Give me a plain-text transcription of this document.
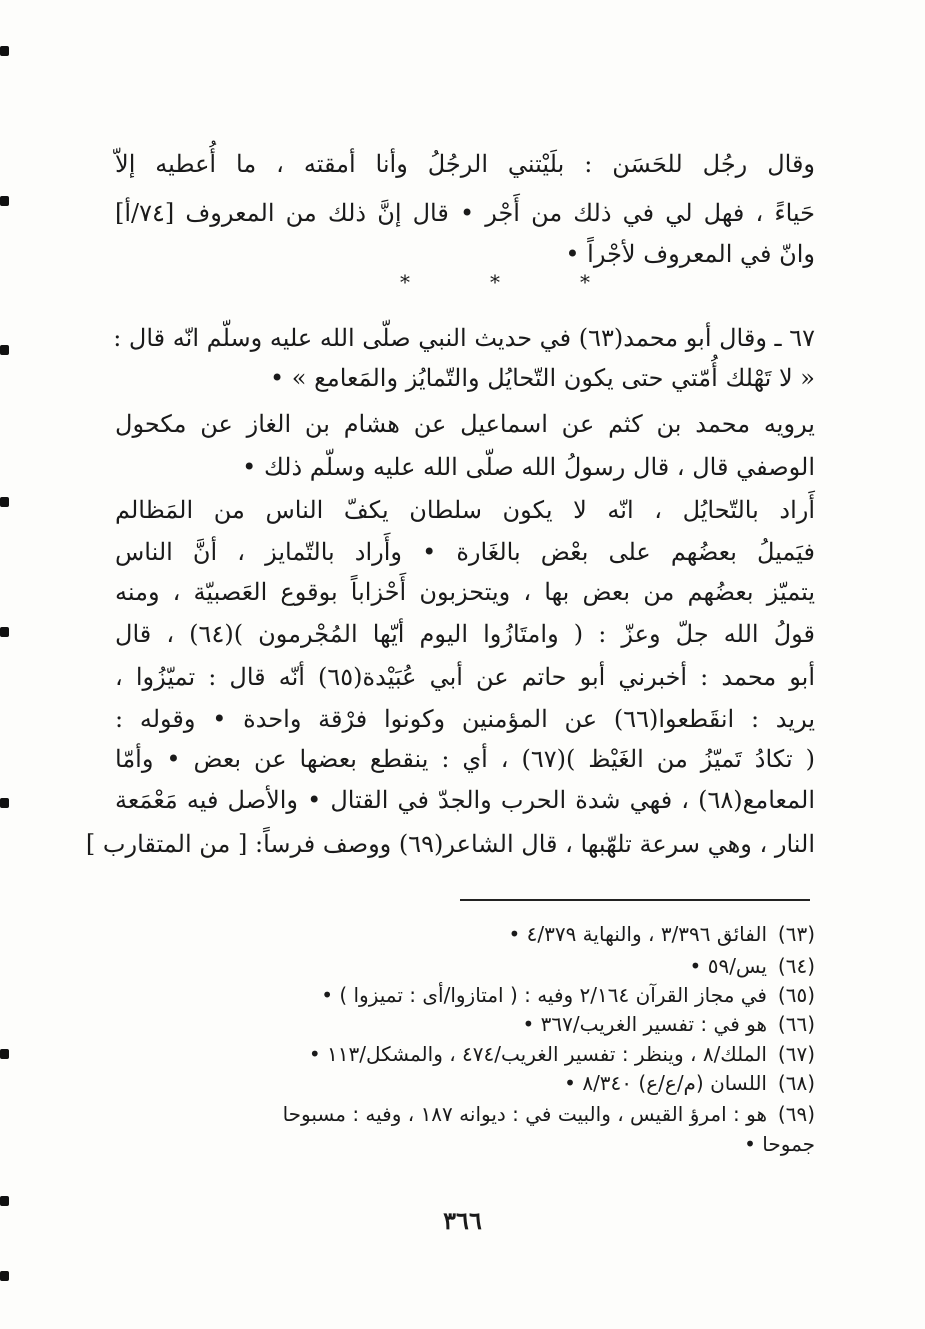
وقال رجُل للحَسَن : بلَيْتني الرجُلُ وأنا أمقته ، ما أُعطيه إلاّ
حَياءً ، فهل لي في ذلك من أَجْر • قال إنَّ ذلك من المعروف [٧٤/أ]
وانّ في المعروف لأجْراً •
*	*	*
٦٧ ـ وقال أبو محمد(٦٣) في حديث النبي صلّى الله عليه وسلّم انّه قال :
« لا تَهْلك أُمّتي حتى يكون التّحايُل والتّمايُز والمَعامع » •
يرويه محمد بن كثم عن اسماعيل عن هشام بن الغاز عن مكحول
الوصفي قال ، قال رسولُ الله صلّى الله عليه وسلّم ذلك •
أَراد بالتّحايُل ، انّه لا يكون سلطان يكفّ الناس من المَظالم
فيَميلُ بعضُهم على بعْض بالغَارة • وأَراد بالتّمايز ، أنَّ الناس
يتميّز بعضُهم من بعض بها ، ويتحزبون أَحْزاباً بوقوع العَصبيّة ، ومنه
قولُ الله جلّ وعزّ : ( وامتَازُوا اليوم أيّها المُجْرمون )(٦٤) ، قال
أبو محمد : أخبرني أبو حاتم عن أبي عُبَيْدة(٦٥) أنّه قال : تميّزُوا ،
يريد : انقَطعوا(٦٦) عن المؤمنين وكونوا فرْقة واحدة • وقوله :
( تكادُ تَميّزُ من الغَيْظ )(٦٧) ، أي : ينقطع بعضها عن بعض • وأمّا
المعامع(٦٨) ، فهي شدة الحرب والجدّ في القتال • والأصل فيه مَعْمَعة
النار ، وهي سرعة تلهّبها ، قال الشاعر(٦٩) ووصف فرساً: [ من المتقارب ]
(٦٣)
الفائق ٣/٣٩٦ ، والنهاية ٤/٣٧٩ •
(٦٤)
يس/٥٩ •
(٦٥)
في مجاز القرآن ٢/١٦٤ وفيه : ( امتازوا/أى : تميزوا ) •
(٦٦)
هو في : تفسير الغريب/٣٦٧ •
(٦٧)
الملك/٨ ، وينظر : تفسير الغريب/٤٧٤ ، والمشكل/١١٣ •
(٦٨)
اللسان (م/ع/ع) ٨/٣٤٠ •
(٦٩)
هو : امرؤ القيس ، والبيت في : ديوانه ١٨٧ ، وفيه : مسبوحا
جموحا •
٣٦٦
